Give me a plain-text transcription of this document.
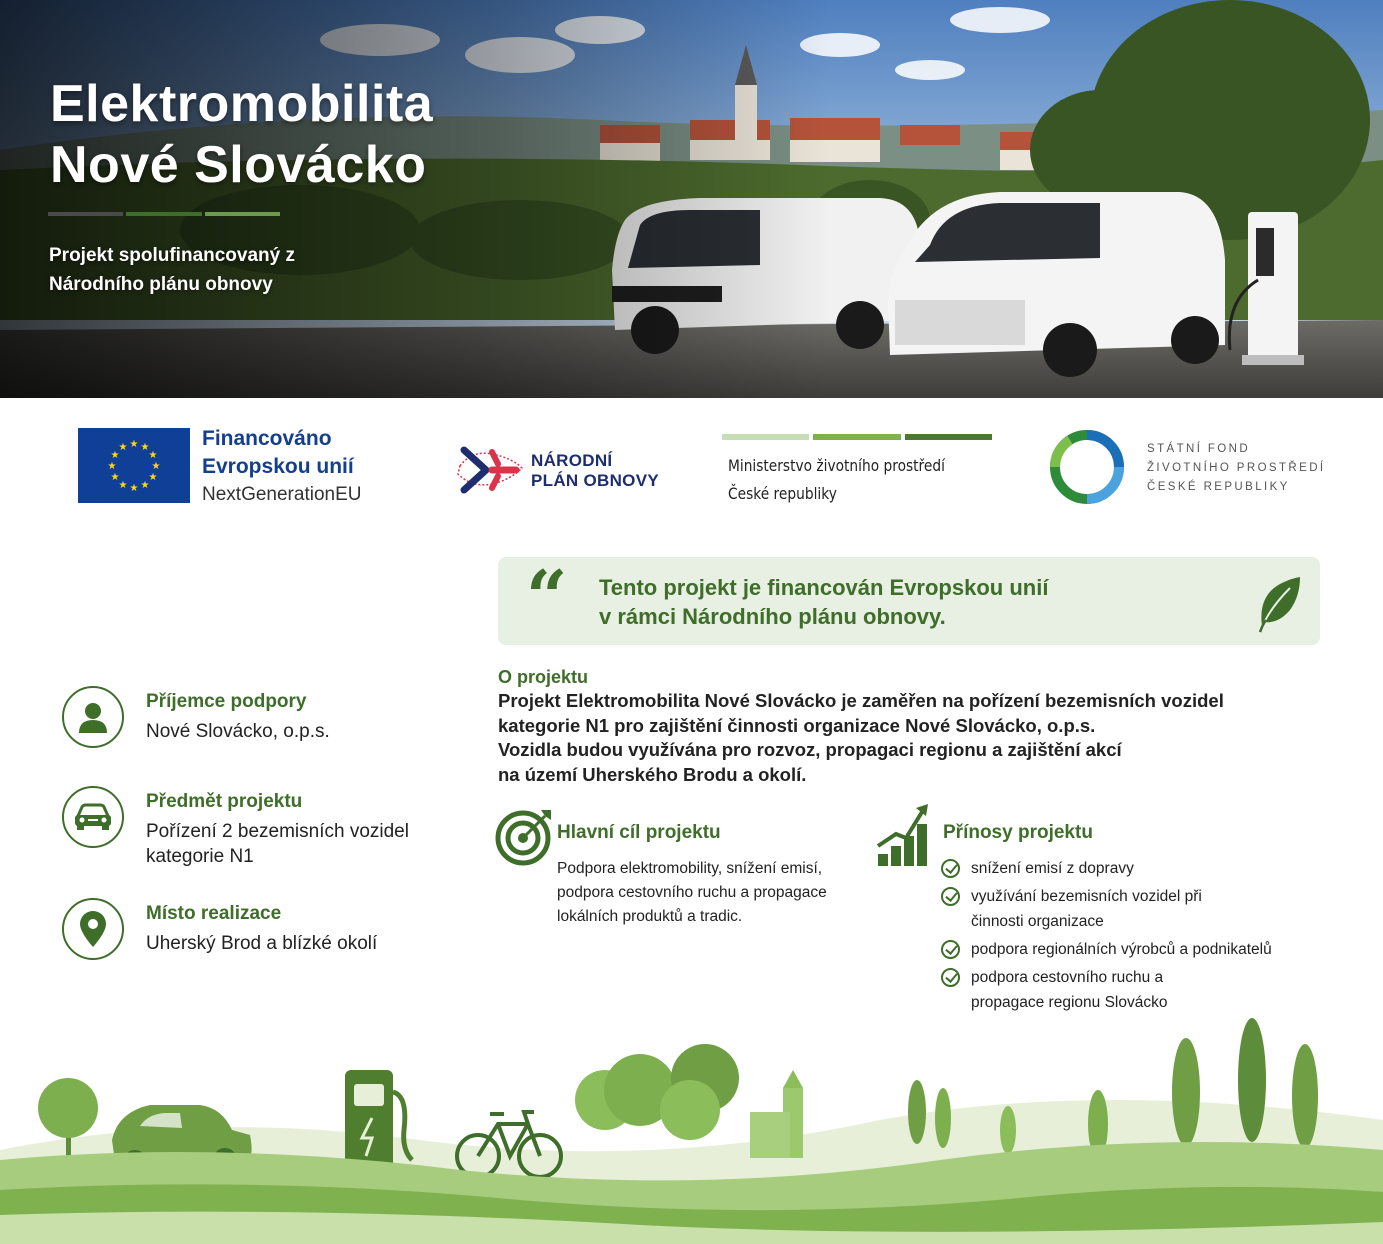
Elektromobilita
Nové Slovácko
Projekt spolufinancovaný z
Národního plánu obnovy
★ ★
★
★
★
★
★
★
★
★
★
★	Financováno
Evropskou unií
NextGenerationEU
NÁRODNÍ
PLÁN OBNOVY
Ministerstvo životního prostředí
České republiky
STÁTNÍ FOND
ŽIVOTNÍHO PROSTŘEDÍ
ČESKÉ REPUBLIKY
“ Tento projekt je financován Evropskou unií
v rámci Národního plánu obnovy.
Příjemce podpory
Nové Slovácko, o.p.s.
Předmět projektu
Pořízení 2 bezemisních vozidel kategorie N1
Místo realizace
Uherský Brod a blízké okolí
O projektu
Projekt Elektromobilita Nové Slovácko je zaměřen na pořízení bezemisních vozidel
kategorie N1 pro zajištění činnosti organizace Nové Slovácko, o.p.s.
Vozidla budou využívána pro rozvoz, propagaci regionu a zajištění akcí
na území Uherského Brodu a okolí.
Hlavní cíl projektu
Podpora elektromobility, snížení emisí, podpora cestovního ruchu a propagace lokálních produktů a tradic.
Přínosy projektu
snížení emisí z dopravy
využívání bezemisních vozidel při činnosti organizace
podpora regionálních výrobců a podnikatelů
podpora cestovního ruchu a propagace regionu Slovácko
